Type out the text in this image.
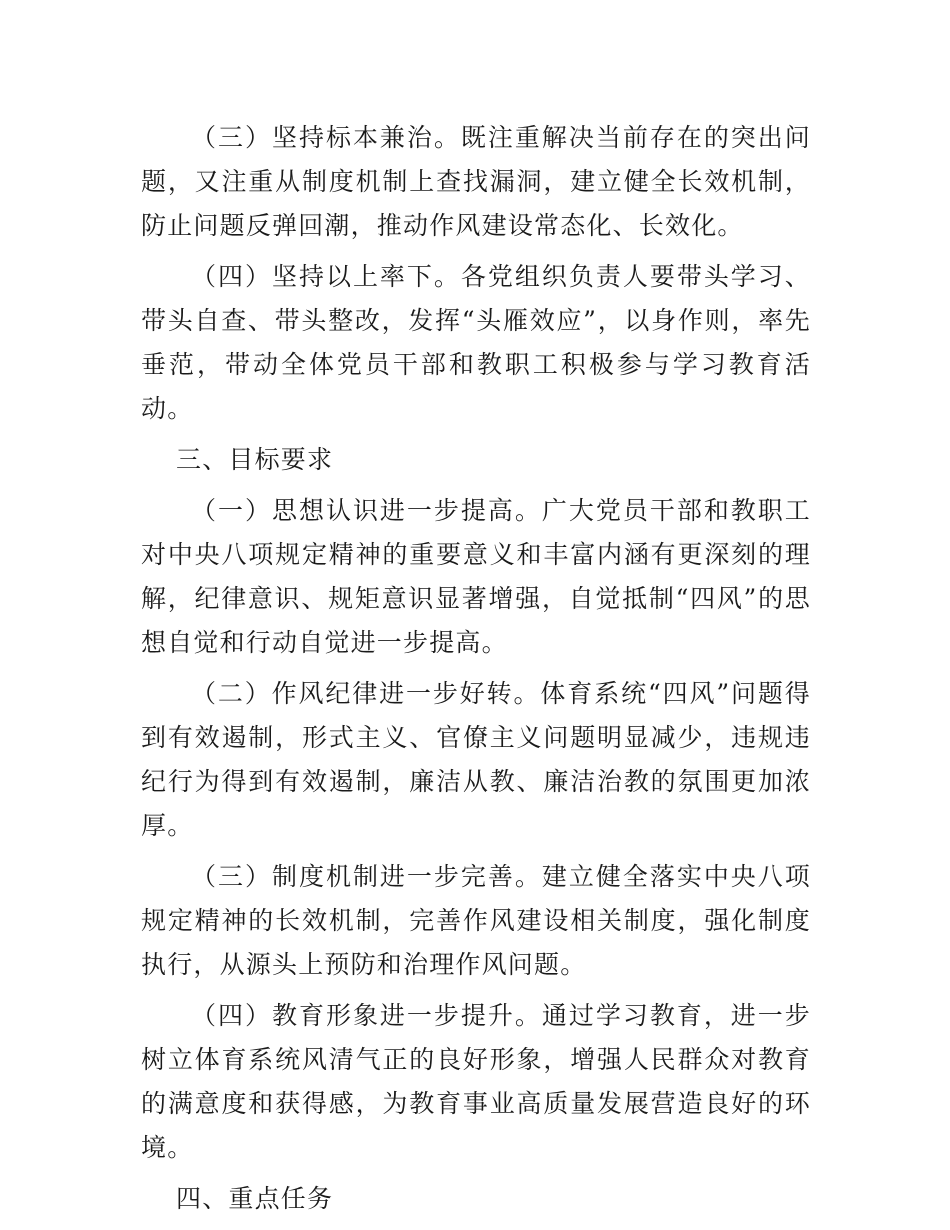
（三）坚持标本兼治。既注重解决当前存在的突出问题，又注重从制度机制上查找漏洞，建立健全长效机制，防止问题反弹回潮，推动作风建设常态化、长效化。

（四）坚持以上率下。各党组织负责人要带头学习、带头自查、带头整改，发挥“头雁效应”，以身作则，率先垂范，带动全体党员干部和教职工积极参与学习教育活动。

三、目标要求

（一）思想认识进一步提高。广大党员干部和教职工对中央八项规定精神的重要意义和丰富内涵有更深刻的理解，纪律意识、规矩意识显著增强，自觉抵制“四风”的思想自觉和行动自觉进一步提高。

（二）作风纪律进一步好转。体育系统“四风”问题得到有效遏制，形式主义、官僚主义问题明显减少，违规违纪行为得到有效遏制，廉洁从教、廉洁治教的氛围更加浓厚。

（三）制度机制进一步完善。建立健全落实中央八项规定精神的长效机制，完善作风建设相关制度，强化制度执行，从源头上预防和治理作风问题。

（四）教育形象进一步提升。通过学习教育，进一步树立体育系统风清气正的良好形象，增强人民群众对教育的满意度和获得感，为教育事业高质量发展营造良好的环境。

四、重点任务
